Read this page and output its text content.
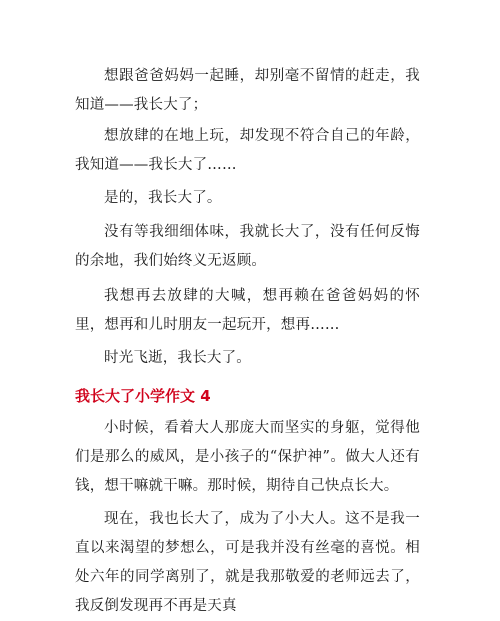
想跟爸爸妈妈一起睡，却别毫不留情的赶走，我知道——我长大了；

想放肆的在地上玩，却发现不符合自己的年龄，我知道——我长大了……

是的，我长大了。

没有等我细细体味，我就长大了，没有任何反悔的余地，我们始终义无返顾。

我想再去放肆的大喊，想再赖在爸爸妈妈的怀里，想再和儿时朋友一起玩开，想再……

时光飞逝，我长大了。

我长大了小学作文 4

小时候，看着大人那庞大而坚实的身躯，觉得他们是那么的威风，是小孩子的“保护神”。做大人还有钱，想干嘛就干嘛。那时候，期待自己快点长大。

现在，我也长大了，成为了小大人。这不是我一直以来渴望的梦想么，可是我并没有丝毫的喜悦。相处六年的同学离别了，就是我那敬爱的老师远去了，我反倒发现再不再是天真
